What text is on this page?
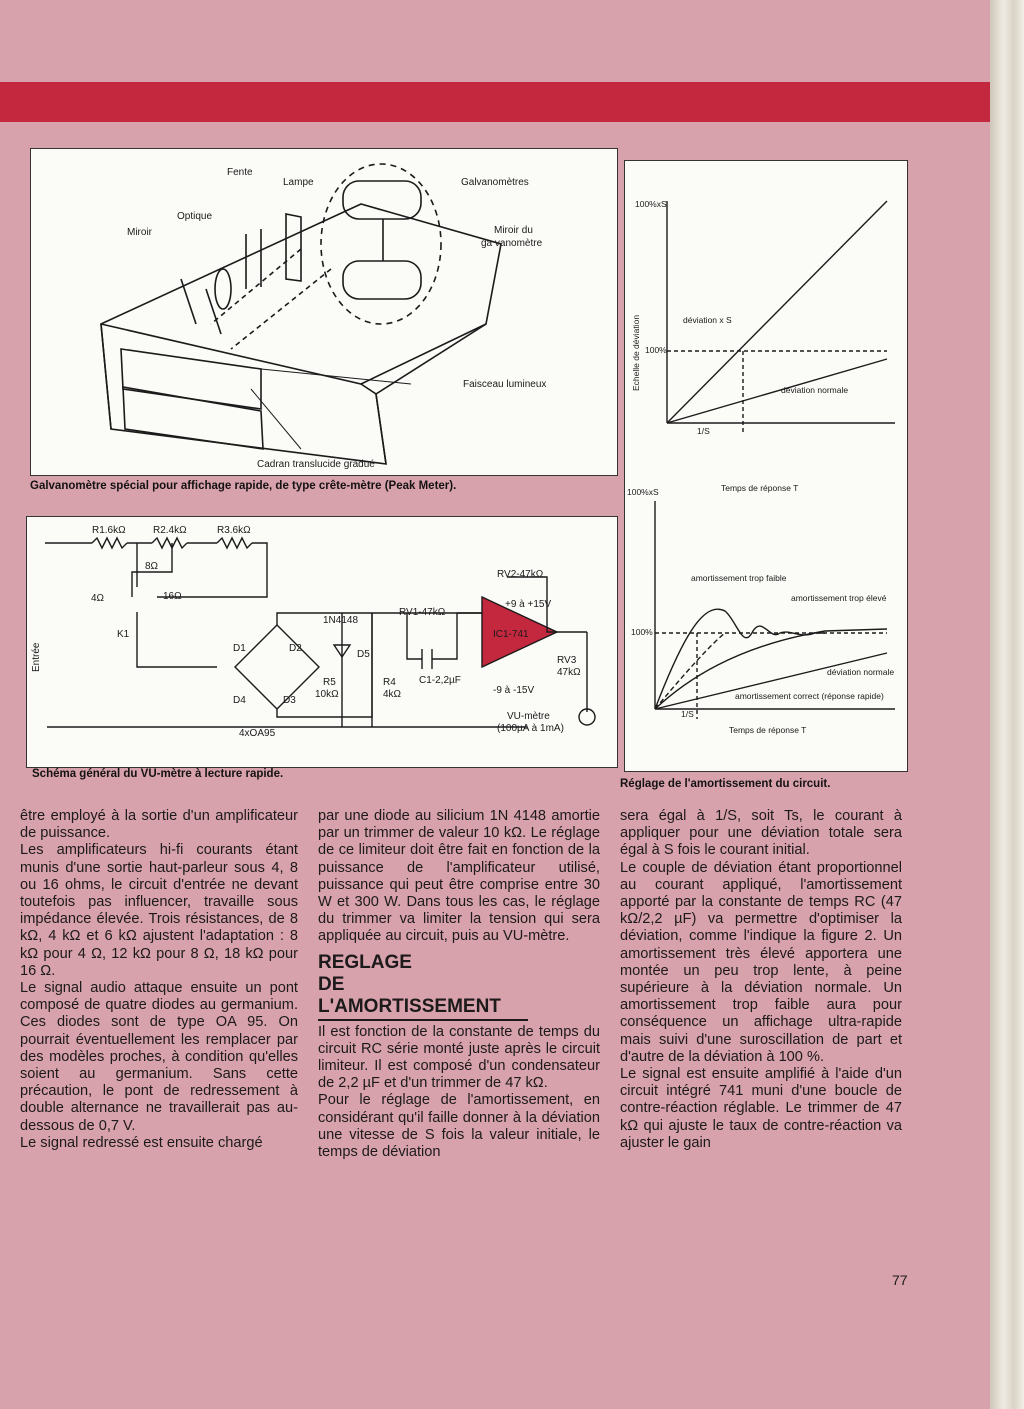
Fente
Lampe	Galvanomètres
Optique
Miroir	Miroir du
ga vanomètre
Faisceau lumineux
Cadran translucide gradué
Galvanomètre spécial pour affichage rapide, de type crête-mètre (Peak Meter).
R1.6kΩ	R2.4kΩ	R3.6kΩ
8Ω
4Ω	16Ω
K1
Entrée
1N4148
RV1-47kΩ
RV2-47kΩ
+9 à +15V
-9 à -15V
IC1-741
RV3
47kΩ
D1	D2
D3
D4
D5
R5
10kΩ
R4
4kΩ
C1-2,2µF
4xOA95
VU-mètre
(100µA à 1mA)
Schéma général du VU-mètre à lecture rapide.
100%xS
Echelle de déviation 100%
déviation x S
déviation normale
1/S
Temps de réponse T
100%xS
100%
amortissement trop faible
amortissement trop élevé
déviation normale
amortissement correct (réponse rapide)
1/S
Temps de réponse T
Réglage de l'amortissement du circuit.

être employé à la sortie d'un amplificateur de puissance.

Les amplificateurs hi-fi courants étant munis d'une sortie haut-parleur sous 4, 8 ou 16 ohms, le circuit d'entrée ne devant toutefois pas influencer, travaille sous impédance élevée. Trois résistances, de 8 kΩ, 4 kΩ et 6 kΩ ajustent l'adaptation : 8 kΩ pour 4 Ω, 12 kΩ pour 8 Ω, 18 kΩ pour 16 Ω.

Le signal audio attaque ensuite un pont composé de quatre diodes au germanium. Ces diodes sont de type OA 95. On pourrait éventuellement les remplacer par des modèles proches, à condition qu'elles soient au germanium. Sans cette précaution, le pont de redressement à double alternance ne travaillerait pas au-dessous de 0,7 V.

Le signal redressé est ensuite chargé

par une diode au silicium 1N 4148 amortie par un trimmer de valeur 10 kΩ. Le réglage de ce limiteur doit être fait en fonction de la puissance de l'amplificateur utilisé, puissance qui peut être comprise entre 30 W et 300 W. Dans tous les cas, le réglage du trimmer va limiter la tension qui sera appliquée au circuit, puis au VU-mètre.

REGLAGE
DE L'AMORTISSEMENT

Il est fonction de la constante de temps du circuit RC série monté juste après le circuit limiteur. Il est composé d'un condensateur de 2,2 µF et d'un trimmer de 47 kΩ.

Pour le réglage de l'amortissement, en considérant qu'il faille donner à la déviation une vitesse de S fois la valeur initiale, le temps de déviation

sera égal à 1/S, soit Ts, le courant à appliquer pour une déviation totale sera égal à S fois le courant initial.

Le couple de déviation étant proportionnel au courant appliqué, l'amortissement apporté par la constante de temps RC (47 kΩ/2,2 µF) va permettre d'optimiser la déviation, comme l'indique la figure 2. Un amortissement très élevé apportera une montée un peu trop lente, à peine supérieure à la déviation normale. Un amortissement trop faible aura pour conséquence un affichage ultra-rapide mais suivi d'une suroscillation de part et d'autre de la déviation à 100 %.

Le signal est ensuite amplifié à l'aide d'un circuit intégré 741 muni d'une boucle de contre-réaction réglable. Le trimmer de 47 kΩ qui ajuste le taux de contre-réaction va ajuster le gain

77
